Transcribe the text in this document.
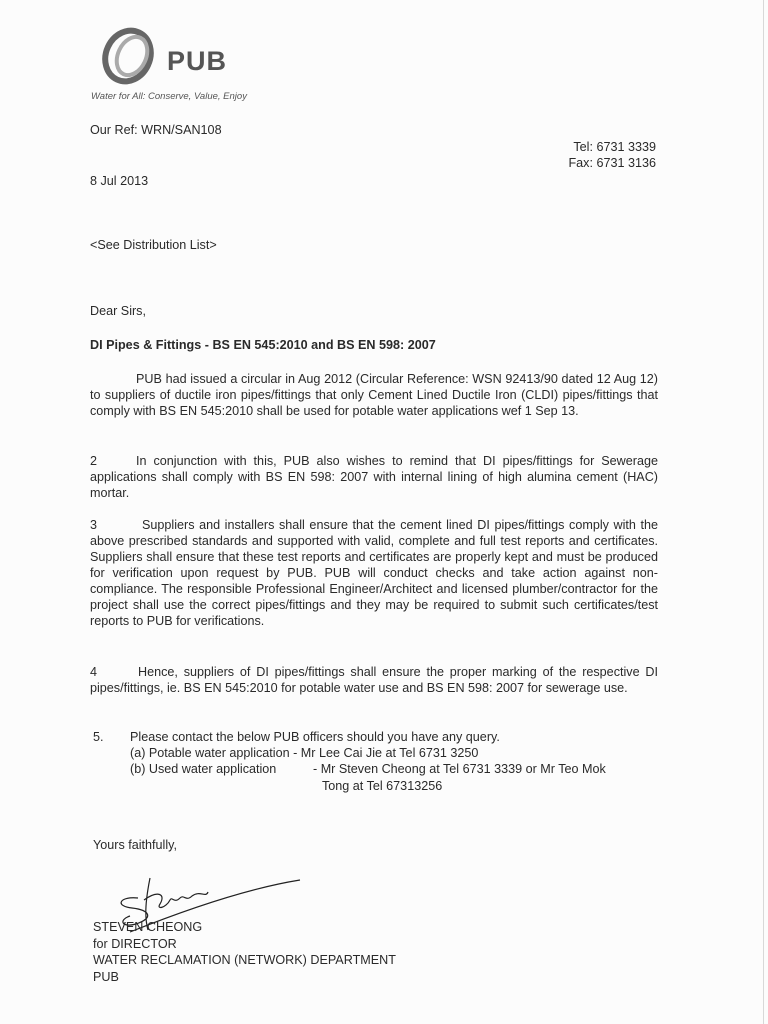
PUB
Water for All: Conserve, Value, Enjoy
Our Ref: WRN/SAN108
Tel: 6731 3339
Fax: 6731 3136
8 Jul 2013
<See Distribution List>
Dear Sirs,
DI Pipes & Fittings - BS EN 545:2010 and BS EN 598: 2007
PUB had issued a circular in Aug 2012 (Circular Reference: WSN 92413/90 dated 12 Aug 12) to suppliers of ductile iron pipes/fittings that only Cement Lined Ductile Iron (CLDI) pipes/fittings that comply with BS EN 545:2010 shall be used for potable water applications wef 1 Sep 13.
2	In conjunction with this, PUB also wishes to remind that DI pipes/fittings for Sewerage applications shall comply with BS EN 598: 2007 with internal lining of high alumina cement (HAC) mortar.
3	Suppliers and installers shall ensure that the cement lined DI pipes/fittings comply with the above prescribed standards and supported with valid, complete and full test reports and certificates. Suppliers shall ensure that these test reports and certificates are properly kept and must be produced for verification upon request by PUB. PUB will conduct checks and take action against non-compliance. The responsible Professional Engineer/Architect and licensed plumber/contractor for the project shall use the correct pipes/fittings and they may be required to submit such certificates/test reports to PUB for verifications.
4	Hence, suppliers of DI pipes/fittings shall ensure the proper marking of the respective DI pipes/fittings, ie. BS EN 545:2010 for potable water use and BS EN 598: 2007 for sewerage use.
5. Please contact the below PUB officers should you have any query.
(a) Potable water application - Mr Lee Cai Jie at Tel 6731 3250
(b) Used water application	- Mr Steven Cheong at Tel 6731 3339 or Mr Teo Mok
Tong at Tel 67313256
Yours faithfully,
STEVEN CHEONG
for DIRECTOR
WATER RECLAMATION (NETWORK) DEPARTMENT
PUB
